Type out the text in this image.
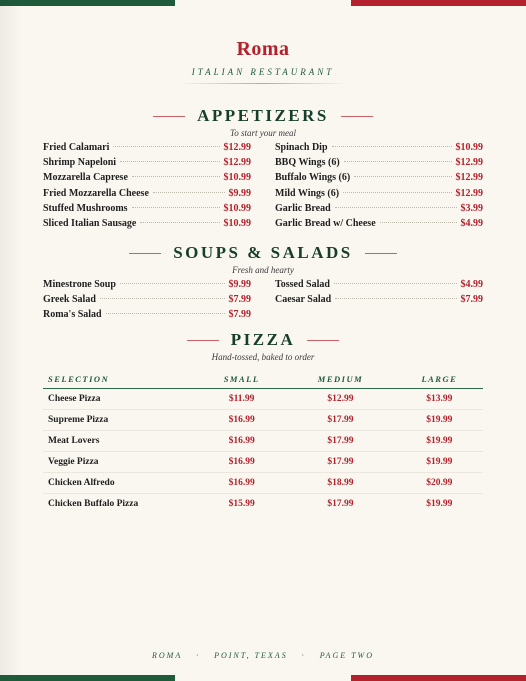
Roma
ITALIAN RESTAURANT
APPETIZERS
To start your meal
Fried Calamari	$12.99
Shrimp Napeloni	$12.99
Mozzarella Caprese	$10.99
Fried Mozzarella Cheese	$9.99
Stuffed Mushrooms	$10.99
Sliced Italian Sausage	$10.99
Spinach Dip	$10.99
BBQ Wings (6)	$12.99
Buffalo Wings (6)	$12.99
Mild Wings (6)	$12.99
Garlic Bread	$3.99
Garlic Bread w/ Cheese	$4.99
SOUPS & SALADS
Fresh and hearty
Minestrone Soup	$9.99
Greek Salad	$7.99
Roma's Salad	$7.99
Tossed Salad	$4.99
Caesar Salad	$7.99
PIZZA
Hand-tossed, baked to order
SELECTION	SMALL	MEDIUM	LARGE
Cheese Pizza	$11.99	$12.99	$13.99
Supreme Pizza	$16.99	$17.99	$19.99
Meat Lovers	$16.99	$17.99	$19.99
Veggie Pizza	$16.99	$17.99	$19.99
Chicken Alfredo	$16.99	$18.99	$20.99
Chicken Buffalo Pizza	$15.99	$17.99	$19.99
ROMA · POINT, TEXAS · PAGE TWO
